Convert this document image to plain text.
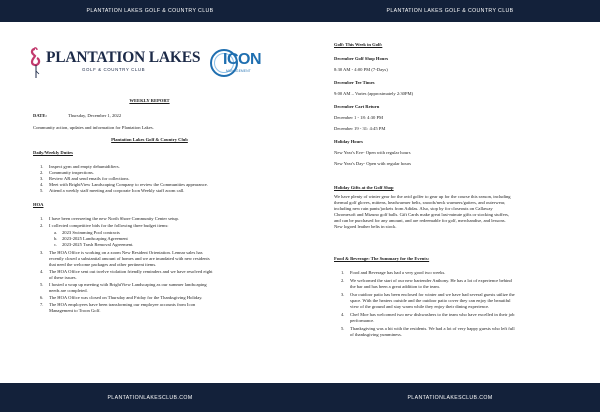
PLANTATION LAKES GOLF & COUNTRY CLUB	PLANTATION LAKES GOLF & COUNTRY CLUB
PLANTATION LAKES
GOLF & COUNTRY CLUB
ICON
MANAGEMENT
WEEKLY REPORT
DATE:	Thursday, December 1, 2022
Community action, updates and information for Plantation Lakes.
Plantation Lakes Golf & Country Club
Daily/Weekly Duties
1. Inspect gym and empty dehumidifiers.
2. Community inspections.
3. Review AR and send emails for collections.
4. Meet with BrightView Landscaping Company to review the Communities appearance.
5. Attend a weekly staff meeting and corporate Icon Weekly staff zoom call.
HOA
1. I have been overseeing the new North Shore Community Center setup.
2. I collected competitive bids for the following three budget items:
a. 2023 Swimming Pool contracts
b. 2023-2025 Landscaping Agreement
c. 2023-2025 Trash Removal Agreement.
3. The HOA Office is working on a zoom New Resident Orientation. Lennar sales has
recently closed a substantial amount of homes and we are inundated with new residents
that need the welcome packages and other pertinent items.
4. The HOA Office sent out twelve violation friendly reminders and we have resolved eight
of these issues.
5. I hosted a wrap up meeting with BrightView Landscaping as our summer landscaping
needs are completed.
6. The HOA Office was closed on Thursday and Friday for the Thanksgiving Holiday.
7. The HOA employees have been transforming our employee accounts from Icon
Management to Troon Golf.
Golf: This Week in Golf:
December Golf Shop Hours
8:30 AM - 4:00 PM (7-Days)
December Tee Times
9:00 AM – Varies (approximately 2:30PM)
December Cart Return
December 1 - 18: 4:30 PM
December 19 - 31: 4:45 PM
Holiday Hours
New Year's Eve- Open with regular hours
New Year's Day- Open with regular hours
Holiday Gifts at the Golf Shop
We have plenty of winter gear for the avid golfer to gear up for the course this season, including
thermal golf gloves, mittens, headwarmer belts, snoods/neck warmers/gaiters, and outerwear,
including new rain pants/jackets from Adidas. Also, stop by for closeouts on Callaway
Chromesoft and Mizuno golf balls. Gift Cards make great last-minute gifts or stocking stuffers,
and can be purchased for any amount, and are redeemable for golf, merchandise, and lessons.
New logoed leather belts in stock.
Food & Beverage: The Summary for the Events:
1. Food and Beverage has had a very good two weeks.
2. We welcomed the start of our new bartender Anthony. He has a lot of experience behind
the bar and has been a great addition to the team.
3. Our outdoor patio has been enclosed for winter and we have had several guests utilize the
space. With the heaters outside and the outdoor patio cover they can enjoy the beautiful
view of the ground and stay warm while they enjoy their dining experience.
4. Chef Moe has welcomed two new dishwashers to the team who have excelled in their job
performance.
5. Thanksgiving was a hit with the residents. We had a lot of very happy guests who left full
of thanksgiving yumminess.
PLANTATIONLAKESCLUB.COM	PLANTATIONLAKESCLUB.COM
